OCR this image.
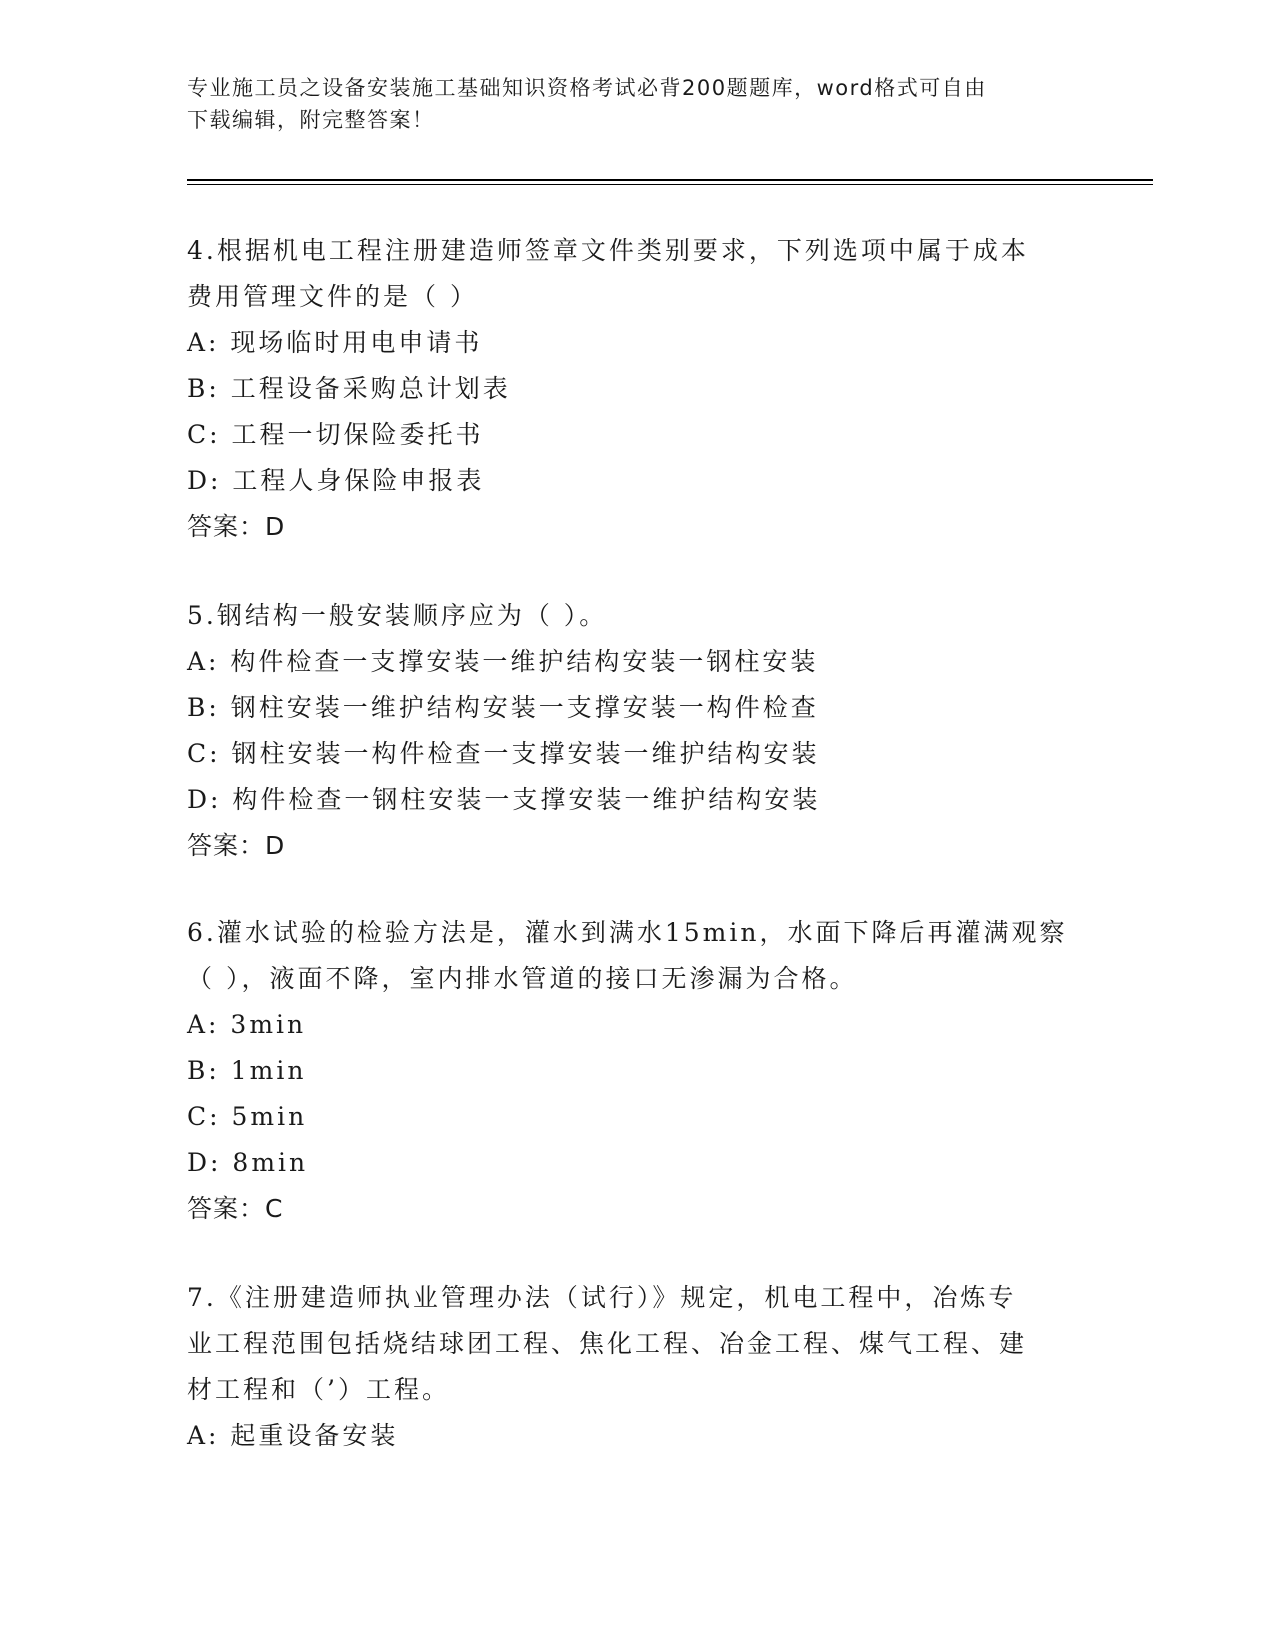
专业施工员之设备安装施工基础知识资格考试必背200题题库，word格式可自由
下载编辑，附完整答案！
4.根据机电工程注册建造师签章文件类别要求，下列选项中属于成本
费用管理文件的是（ ）
A: 现场临时用电申请书
B: 工程设备采购总计划表
C: 工程一切保险委托书
D: 工程人身保险申报表
答案：D
5.钢结构一般安装顺序应为（ ）。
A: 构件检查一支撑安装一维护结构安装一钢柱安装
B: 钢柱安装一维护结构安装一支撑安装一构件检查
C: 钢柱安装一构件检查一支撑安装一维护结构安装
D: 构件检查一钢柱安装一支撑安装一维护结构安装
答案：D
6.灌水试验的检验方法是，灌水到满水15min，水面下降后再灌满观察
（ ），液面不降，室内排水管道的接口无渗漏为合格。
A: 3min
B: 1min
C: 5min
D: 8min
答案：C
7.《注册建造师执业管理办法（试行）》规定，机电工程中，冶炼专
业工程范围包括烧结球团工程、焦化工程、冶金工程、煤气工程、建
材工程和（’）工程。
A: 起重设备安装
